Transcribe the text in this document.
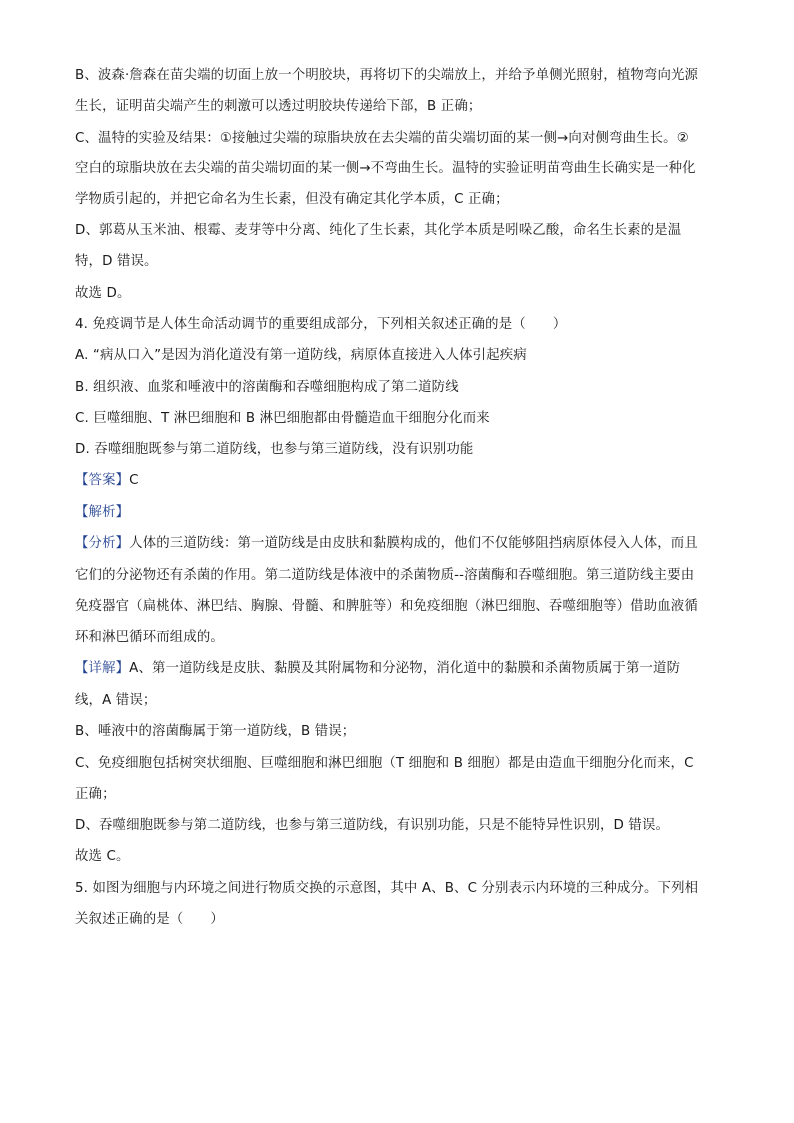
B、波森·詹森在苗尖端的切面上放一个明胶块，再将切下的尖端放上，并给予单侧光照射，植物弯向光源
生长，证明苗尖端产生的刺激可以透过明胶块传递给下部，B 正确；
C、温特的实验及结果：①接触过尖端的琼脂块放在去尖端的苗尖端切面的某一侧→向对侧弯曲生长。②
空白的琼脂块放在去尖端的苗尖端切面的某一侧→不弯曲生长。温特的实验证明苗弯曲生长确实是一种化
学物质引起的，并把它命名为生长素，但没有确定其化学本质，C 正确；
D、郭葛从玉米油、根霉、麦芽等中分离、纯化了生长素，其化学本质是吲哚乙酸，命名生长素的是温
特，D 错误。
故选 D。
4. 免疫调节是人体生命活动调节的重要组成部分，下列相关叙述正确的是（　　）
A. “病从口入”是因为消化道没有第一道防线，病原体直接进入人体引起疾病
B. 组织液、血浆和唾液中的溶菌酶和吞噬细胞构成了第二道防线
C. 巨噬细胞、T 淋巴细胞和 B 淋巴细胞都由骨髓造血干细胞分化而来
D. 吞噬细胞既参与第二道防线，也参与第三道防线，没有识别功能
【答案】C
【解析】
【分析】人体的三道防线：第一道防线是由皮肤和黏膜构成的，他们不仅能够阻挡病原体侵入人体，而且
它们的分泌物还有杀菌的作用。第二道防线是体液中的杀菌物质--溶菌酶和吞噬细胞。第三道防线主要由
免疫器官（扁桃体、淋巴结、胸腺、骨髓、和脾脏等）和免疫细胞（淋巴细胞、吞噬细胞等）借助血液循
环和淋巴循环而组成的。
【详解】A、第一道防线是皮肤、黏膜及其附属物和分泌物，消化道中的黏膜和杀菌物质属于第一道防
线，A 错误；
B、唾液中的溶菌酶属于第一道防线，B 错误；
C、免疫细胞包括树突状细胞、巨噬细胞和淋巴细胞（T 细胞和 B 细胞）都是由造血干细胞分化而来，C
正确；
D、吞噬细胞既参与第二道防线，也参与第三道防线，有识别功能，只是不能特异性识别，D 错误。
故选 C。
5. 如图为细胞与内环境之间进行物质交换的示意图，其中 A、B、C 分别表示内环境的三种成分。下列相
关叙述正确的是（　　）
